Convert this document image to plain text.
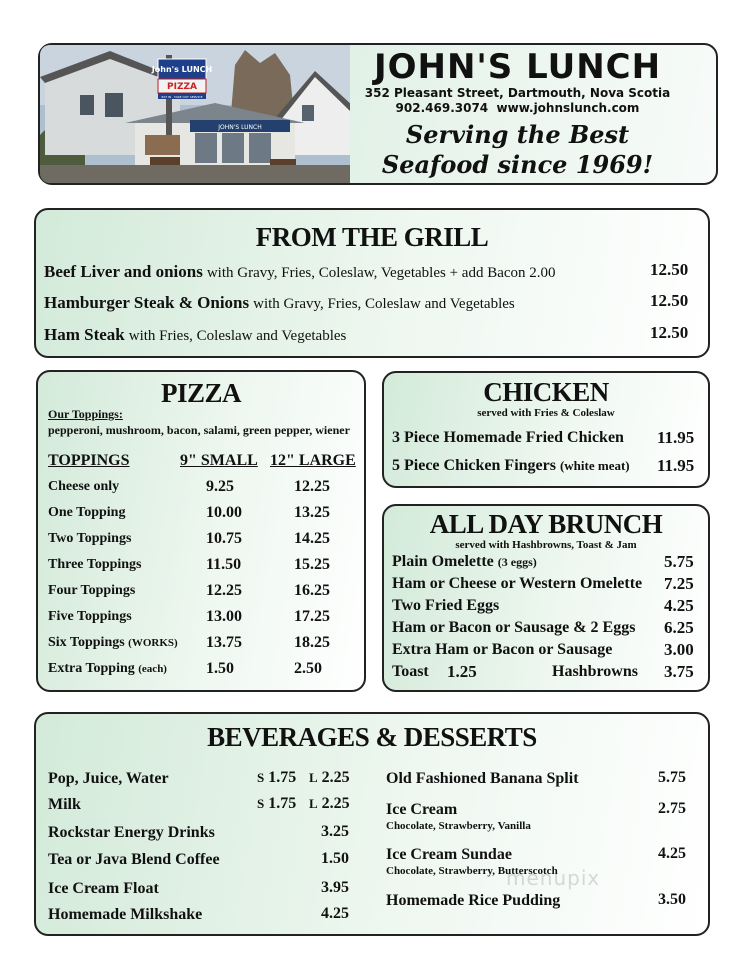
JOHN'S LUNCH
John's LUNCH
PIZZA
EAT IN · TAKE OUT SERVICE
JOHN'S LUNCH
352 Pleasant Street, Dartmouth, Nova Scotia
902.469.3074  www.johnslunch.com
Serving the Best
Seafood since 1969!
FROM THE GRILL
Beef Liver and onions with Gravy, Fries, Coleslaw, Vegetables + add Bacon 2.00	12.50
Hamburger Steak & Onions with Gravy, Fries, Coleslaw and Vegetables	12.50
Ham Steak with Fries, Coleslaw and Vegetables	12.50
PIZZA
Our Toppings:
pepperoni, mushroom, bacon, salami, green pepper, wiener
TOPPINGS	9" SMALL 12" LARGE
Cheese only	9.25	12.25
One Topping	10.00	13.25
Two Toppings	10.75	14.25
Three Toppings	11.50	15.25
Four Toppings	12.25	16.25
Five Toppings	13.00	17.25
Six Toppings (WORKS) 13.75	18.25
Extra Topping (each) 1.50	2.50
CHICKEN
served with Fries & Coleslaw
3 Piece Homemade Fried Chicken 11.95
5 Piece Chicken Fingers (white meat) 11.95
ALL DAY BRUNCH
served with Hashbrowns, Toast & Jam
Plain Omelette (3 eggs)	5.75
Ham or Cheese or Western Omelette 7.25
Two Fried Eggs	4.25
Ham or Bacon or Sausage & 2 Eggs 6.25
Extra Ham or Bacon or Sausage	3.00
Toast 1.25	Hashbrowns 3.75
BEVERAGES & DESSERTS
Pop, Juice, Water	S 1.75 L 2.25
Milk	S 1.75 L 2.25
Rockstar Energy Drinks	3.25
Tea or Java Blend Coffee	1.50
Ice Cream Float	3.95
Homemade Milkshake	4.25
Old Fashioned Banana Split	5.75
Ice Cream
Chocolate, Strawberry, Vanilla
2.75
Ice Cream Sundae
Chocolate, Strawberry, Butterscotch
4.25
Homemade Rice Pudding	3.50
menupix
